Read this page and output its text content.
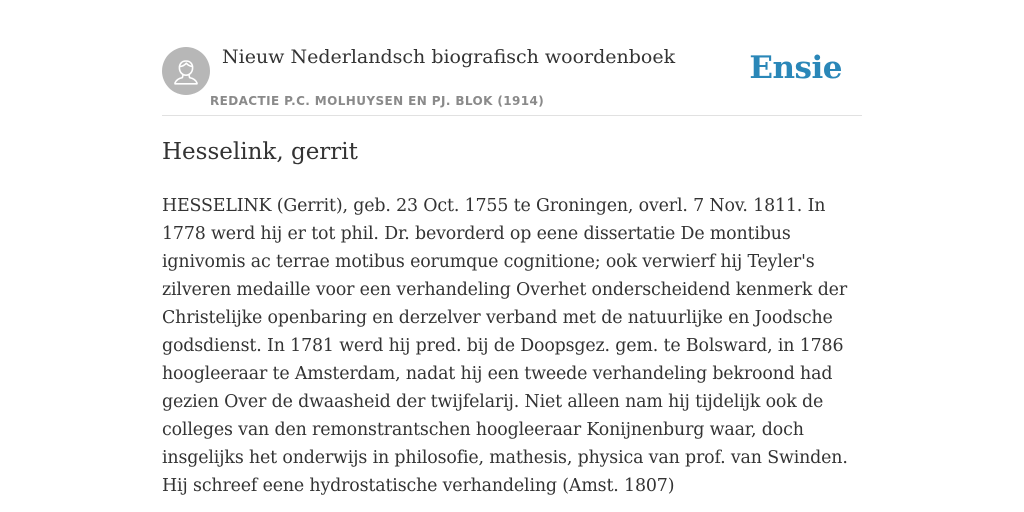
Nieuw Nederlandsch biografisch woordenboek
REDACTIE P.C. MOLHUYSEN EN PJ. BLOK (1914)
Ensie
Hesselink, gerrit

HESSELINK (Gerrit), geb. 23 Oct. 1755 te Groningen, overl. 7 Nov. 1811. In 1778 werd hij er tot phil. Dr. bevorderd op eene dissertatie De montibus ignivomis ac terrae motibus eorumque cognitione; ook verwierf hij Teyler's zilveren medaille voor een verhandeling Overhet onderscheidend kenmerk der Christelijke openbaring en derzelver verband met de natuurlijke en Joodsche godsdienst. In 1781 werd hij pred. bij de Doopsgez. gem. te Bolsward, in 1786 hoogleeraar te Amsterdam, nadat hij een tweede verhandeling bekroond had gezien Over de dwaasheid der twijfelarij. Niet alleen nam hij tijdelijk ook de colleges van den remonstrantschen hoogleeraar Konijnenburg waar, doch insgelijks het onderwijs in philosofie, mathesis, physica van prof. van Swinden. Hij schreef eene hydrostatische verhandeling (Amst. 1807)
